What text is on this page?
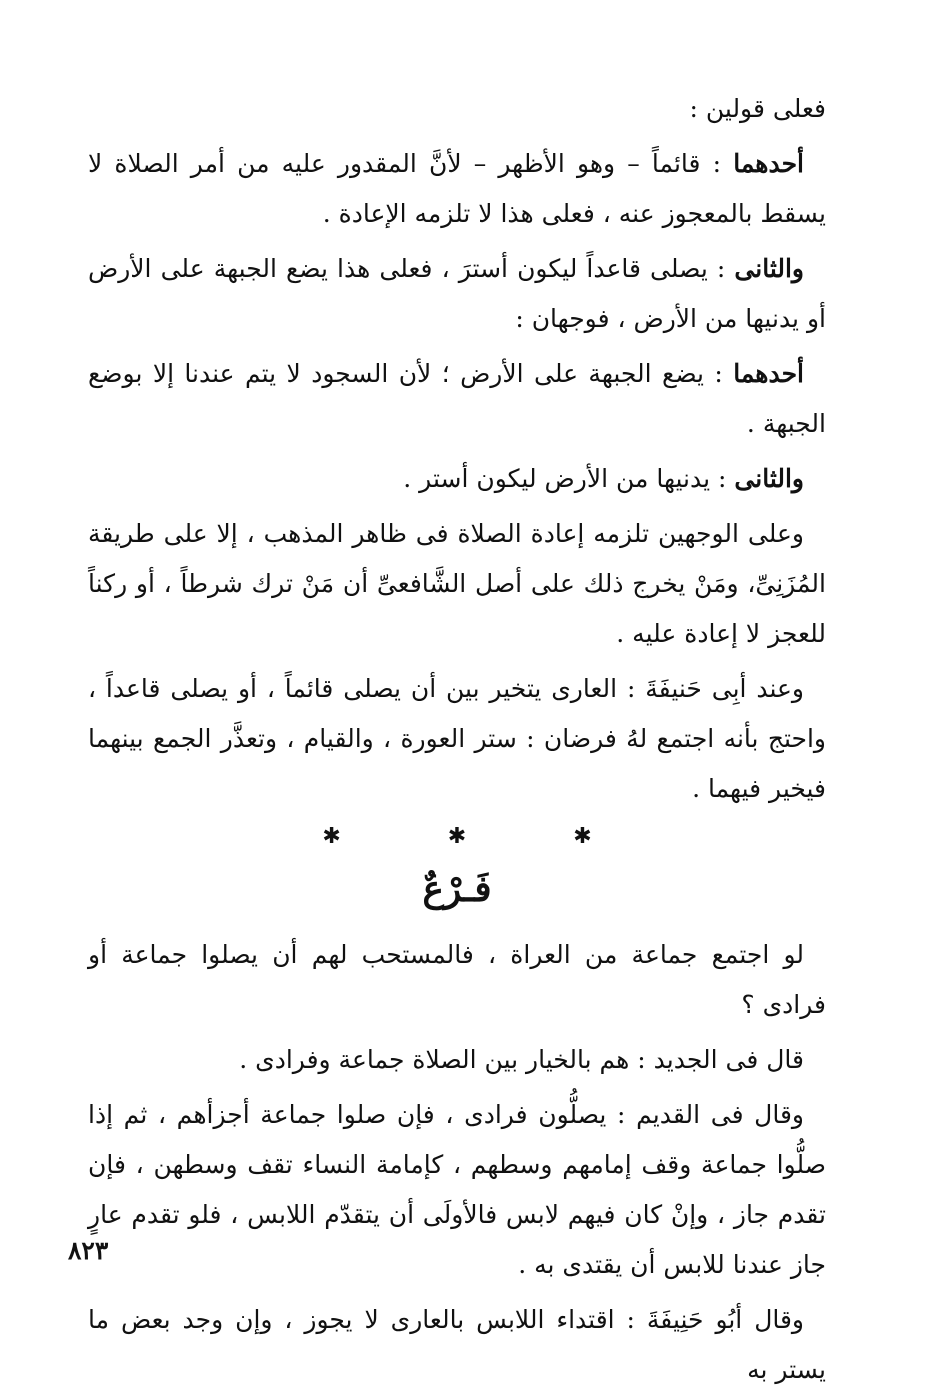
فعلى قولين :

أحدهما : قائماً – وهو الأظهر – لأنَّ المقدور عليه من أمر الصلاة لا يسقط بالمعجوز عنه ، فعلى هذا لا تلزمه الإعادة .

والثانى : يصلى قاعداً ليكون أسترَ ، فعلى هذا يضع الجبهة على الأرض أو يدنيها من الأرض ، فوجهان :

أحدهما : يضع الجبهة على الأرض ؛ لأن السجود لا يتم عندنا إلا بوضع الجبهة .

والثانى : يدنيها من الأرض ليكون أستر .

وعلى الوجهين تلزمه إعادة الصلاة فى ظاهر المذهب ، إلا على طريقة المُزَنِىِّ، ومَنْ يخرج ذلك على أصل الشَّافعىِّ أن مَنْ ترك شرطاً ، أو ركناً للعجز لا إعادة عليه .

وعند أبِى حَنيفَةَ : العارى يتخير بين أن يصلى قائماً ، أو يصلى قاعداً ، واحتج بأنه اجتمع لهُ فرضان : ستر العورة ، والقيام ، وتعذَّر الجمع بينهما فيخير فيهما .

✱ ✱ ✱
فَـرْعٌ

لو اجتمع جماعة من العراة ، فالمستحب لهم أن يصلوا جماعة أو فرادى ؟

قال فى الجديد : هم بالخيار بين الصلاة جماعة وفرادى .

وقال فى القديم : يصلُّون فرادى ، فإن صلوا جماعة أجزأهم ، ثم إذا صلُّوا جماعة وقف إمامهم وسطهم ، كإمامة النساء تقف وسطهن ، فإن تقدم جاز ، وإنْ كان فيهم لابس فالأولَى أن يتقدّم اللابس ، فلو تقدم عارٍ جاز عندنا للابس أن يقتدى به .

وقال أبُو حَنِيفَةَ : اقتداء اللابس بالعارى لا يجوز ، وإن وجد بعض ما يستر به

٨٢٣
